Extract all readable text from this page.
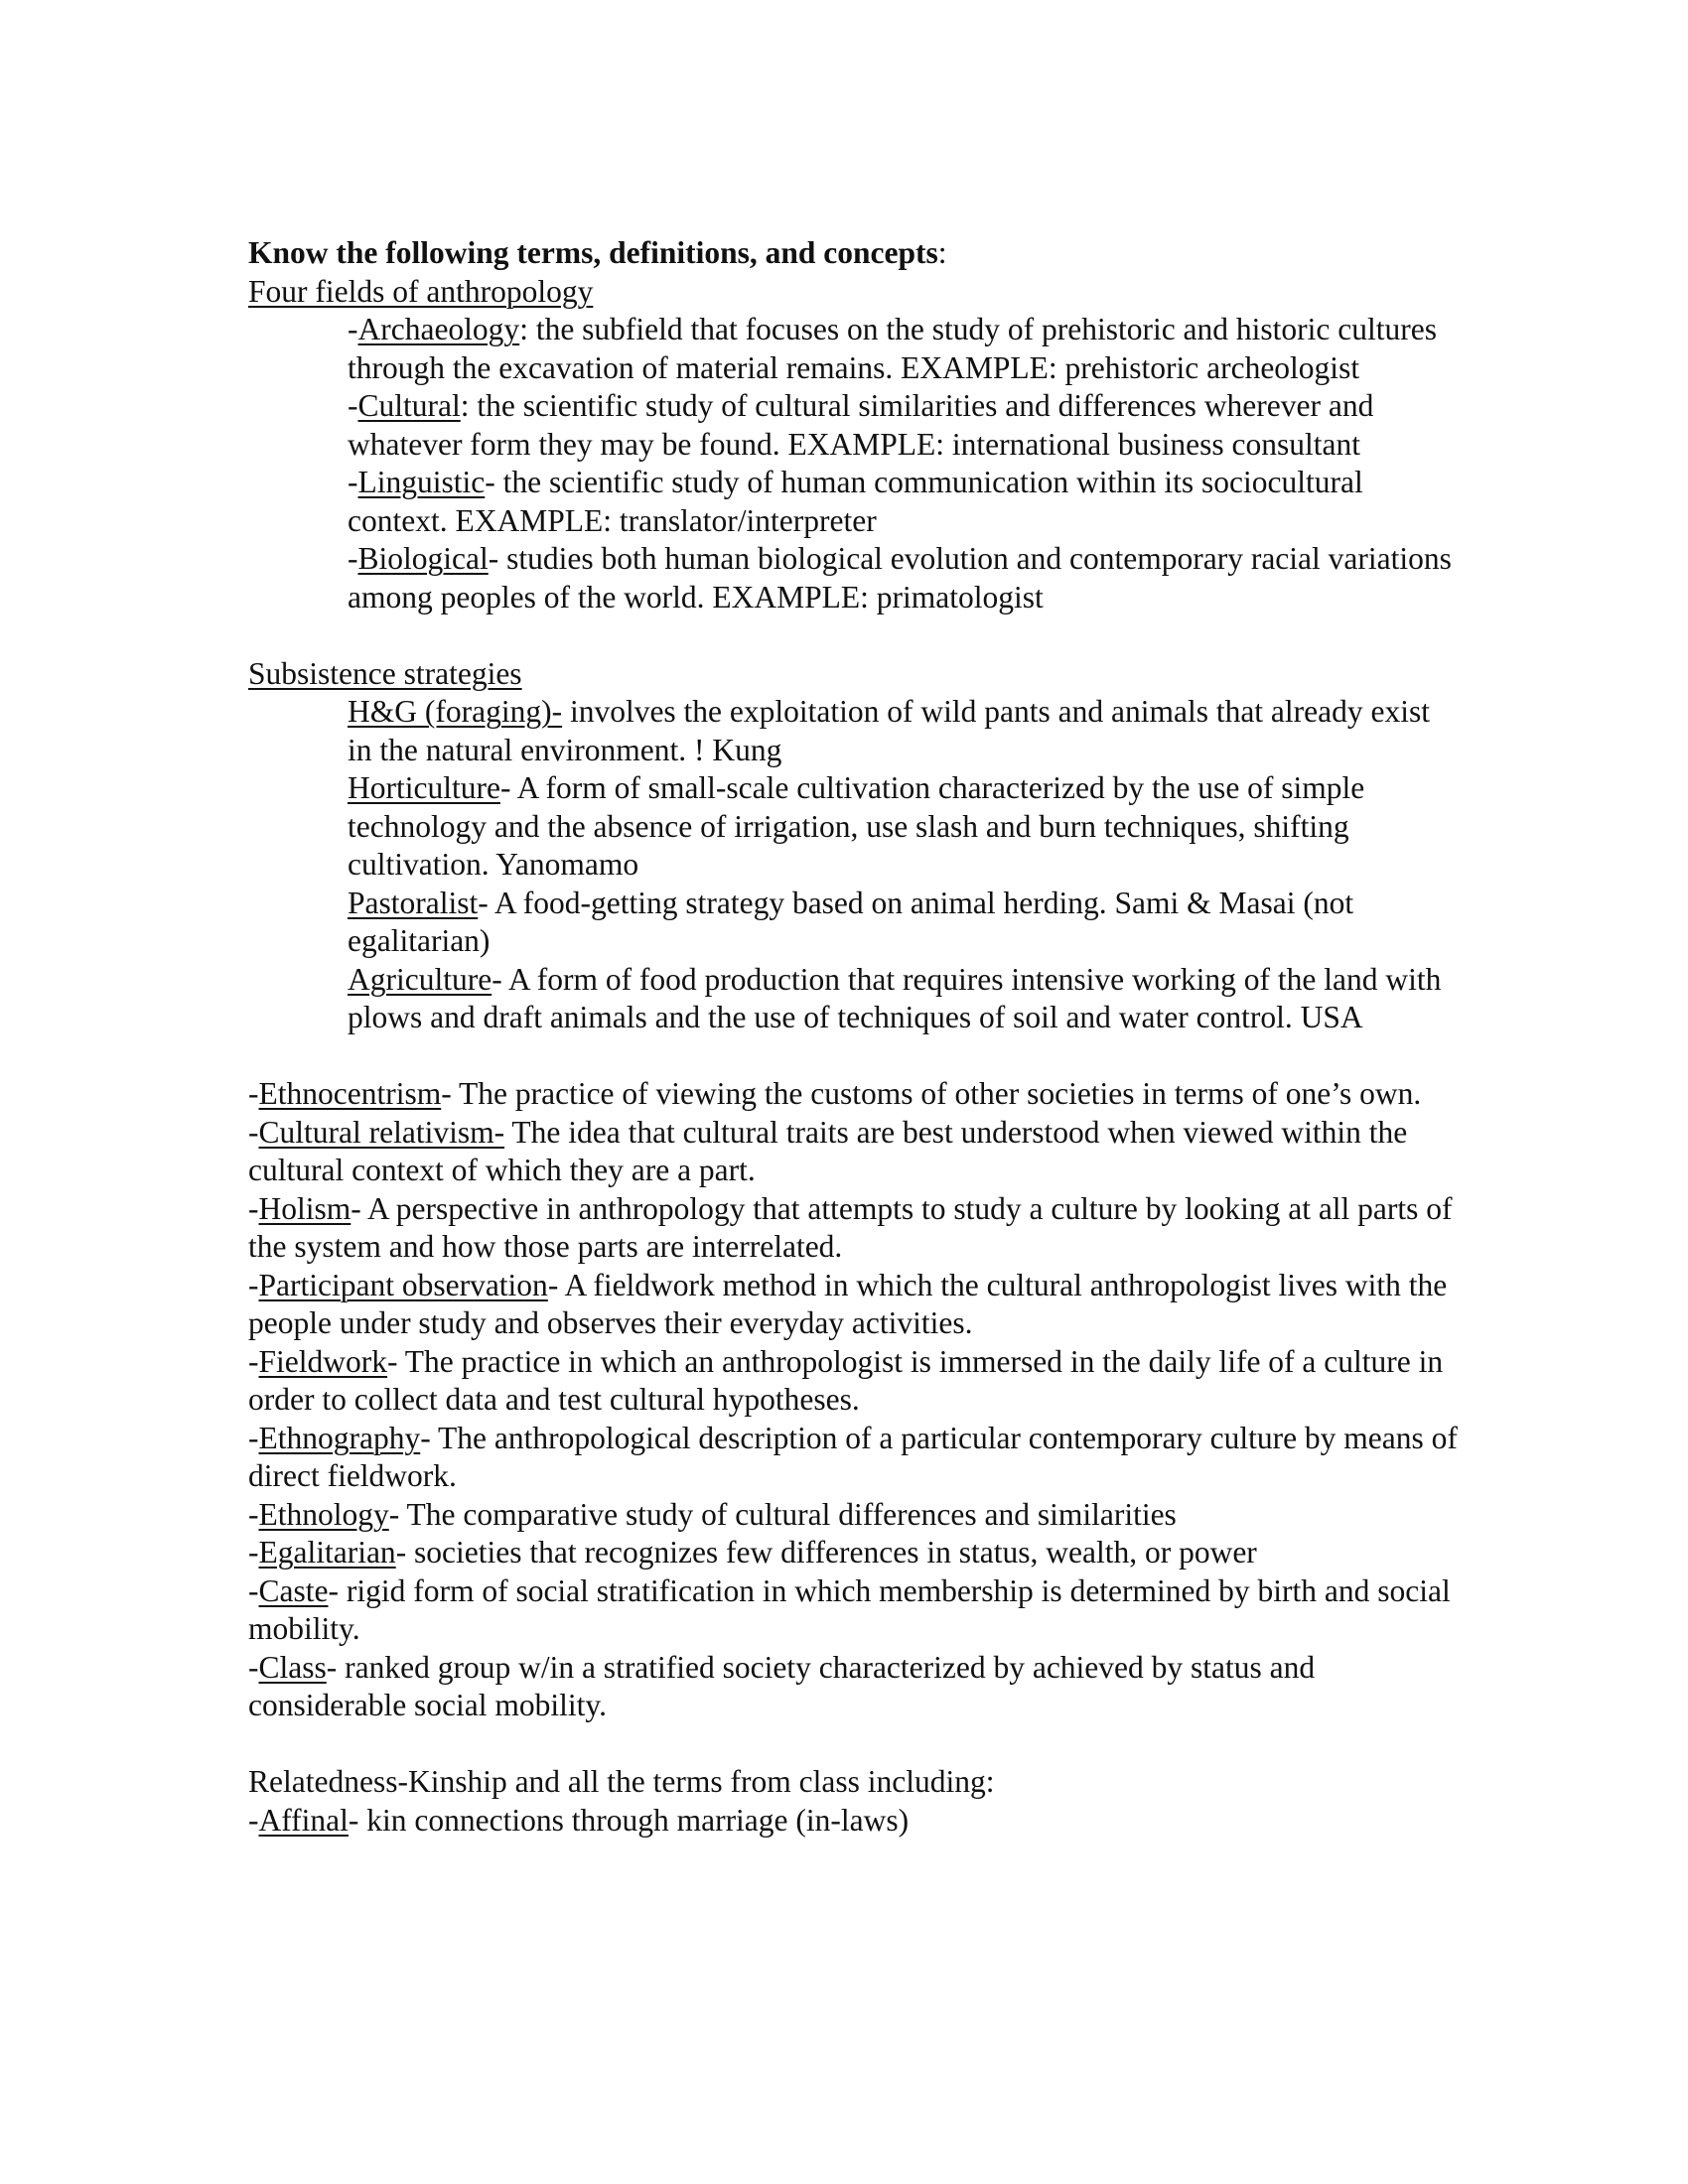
Know the following terms, definitions, and concepts:

Four fields of anthropology

-Archaeology: the subfield that focuses on the study of prehistoric and historic cultures through the excavation of material remains. EXAMPLE: prehistoric archeologist

-Cultural: the scientific study of cultural similarities and differences wherever and whatever form they may be found. EXAMPLE: international business consultant

-Linguistic- the scientific study of human communication within its sociocultural context. EXAMPLE: translator/interpreter

-Biological- studies both human biological evolution and contemporary racial variations among peoples of the world. EXAMPLE: primatologist

Subsistence strategies

H&G (foraging)- involves the exploitation of wild pants and animals that already exist in the natural environment. ! Kung

Horticulture- A form of small-scale cultivation characterized by the use of simple technology and the absence of irrigation, use slash and burn techniques, shifting cultivation. Yanomamo

Pastoralist- A food-getting strategy based on animal herding. Sami & Masai (not egalitarian)

Agriculture- A form of food production that requires intensive working of the land with plows and draft animals and the use of techniques of soil and water control. USA

-Ethnocentrism- The practice of viewing the customs of other societies in terms of one’s own.

-Cultural relativism- The idea that cultural traits are best understood when viewed within the cultural context of which they are a part.

-Holism- A perspective in anthropology that attempts to study a culture by looking at all parts of the system and how those parts are interrelated.

-Participant observation- A fieldwork method in which the cultural anthropologist lives with the people under study and observes their everyday activities.

-Fieldwork- The practice in which an anthropologist is immersed in the daily life of a culture in order to collect data and test cultural hypotheses.

-Ethnography- The anthropological description of a particular contemporary culture by means of direct fieldwork.

-Ethnology- The comparative study of cultural differences and similarities

-Egalitarian- societies that recognizes few differences in status, wealth, or power

-Caste- rigid form of social stratification in which membership is determined by birth and social mobility.

-Class- ranked group w/in a stratified society characterized by achieved by status and considerable social mobility.

Relatedness-Kinship and all the terms from class including:

-Affinal- kin connections through marriage (in-laws)
